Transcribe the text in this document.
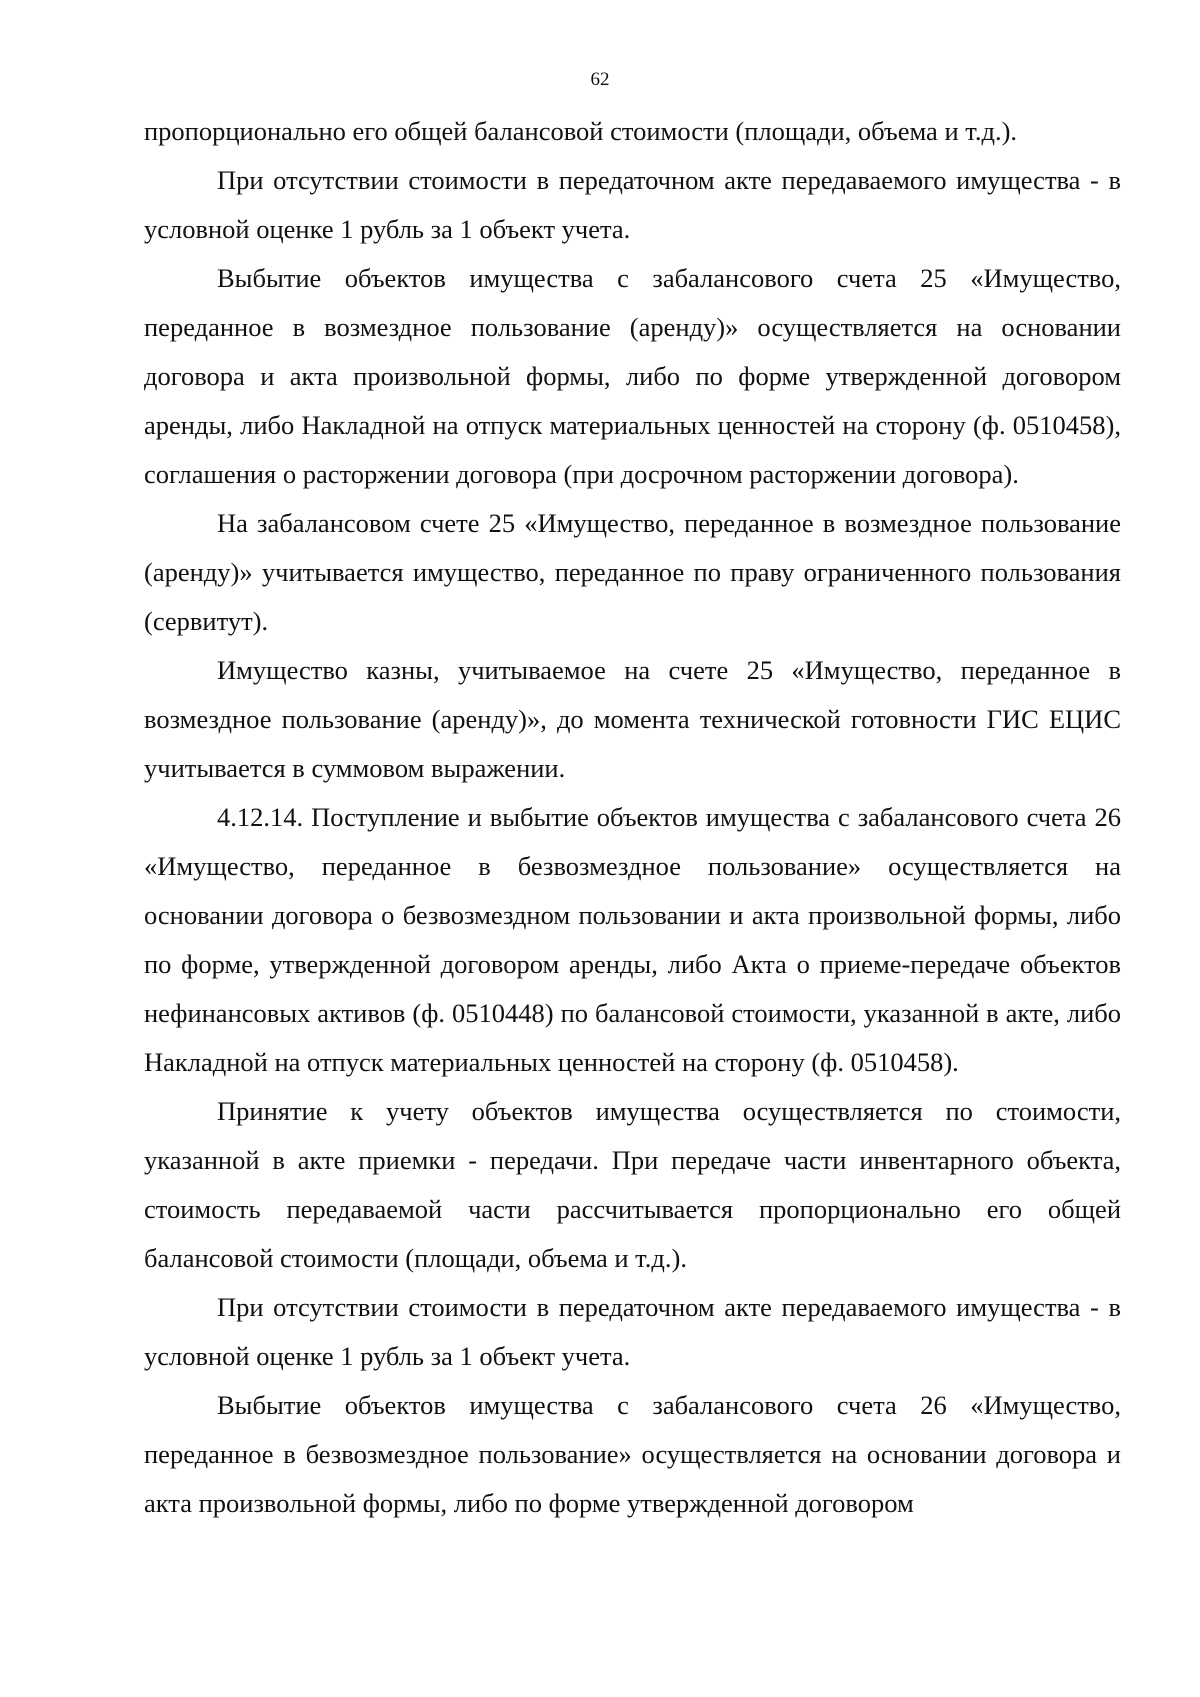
62

пропорционально его общей балансовой стоимости (площади, объема и т.д.).

При отсутствии стоимости в передаточном акте передаваемого имущества - в условной оценке 1 рубль за 1 объект учета.

Выбытие объектов имущества с забалансового счета 25 «Имущество, переданное в возмездное пользование (аренду)» осуществляется на основании договора и акта произвольной формы, либо по форме утвержденной договором аренды, либо Накладной на отпуск материальных ценностей на сторону (ф. 0510458), соглашения о расторжении договора (при досрочном расторжении договора).

На забалансовом счете 25 «Имущество, переданное в возмездное пользование (аренду)» учитывается имущество, переданное по праву ограниченного пользования (сервитут).

Имущество казны, учитываемое на счете 25 «Имущество, переданное в возмездное пользование (аренду)», до момента технической готовности ГИС ЕЦИС учитывается в суммовом выражении.

4.12.14. Поступление и выбытие объектов имущества с забалансового счета 26 «Имущество, переданное в безвозмездное пользование» осуществляется на основании договора о безвозмездном пользовании и акта произвольной формы, либо по форме, утвержденной договором аренды, либо Акта о приеме-передаче объектов нефинансовых активов (ф. 0510448) по балансовой стоимости, указанной в акте, либо Накладной на отпуск материальных ценностей на сторону (ф. 0510458).

Принятие к учету объектов имущества осуществляется по стоимости, указанной в акте приемки - передачи. При передаче части инвентарного объекта, стоимость передаваемой части рассчитывается пропорционально его общей балансовой стоимости (площади, объема и т.д.).

При отсутствии стоимости в передаточном акте передаваемого имущества - в условной оценке 1 рубль за 1 объект учета.

Выбытие объектов имущества с забалансового счета 26 «Имущество, переданное в безвозмездное пользование» осуществляется на основании договора и акта произвольной формы, либо по форме утвержденной договором
